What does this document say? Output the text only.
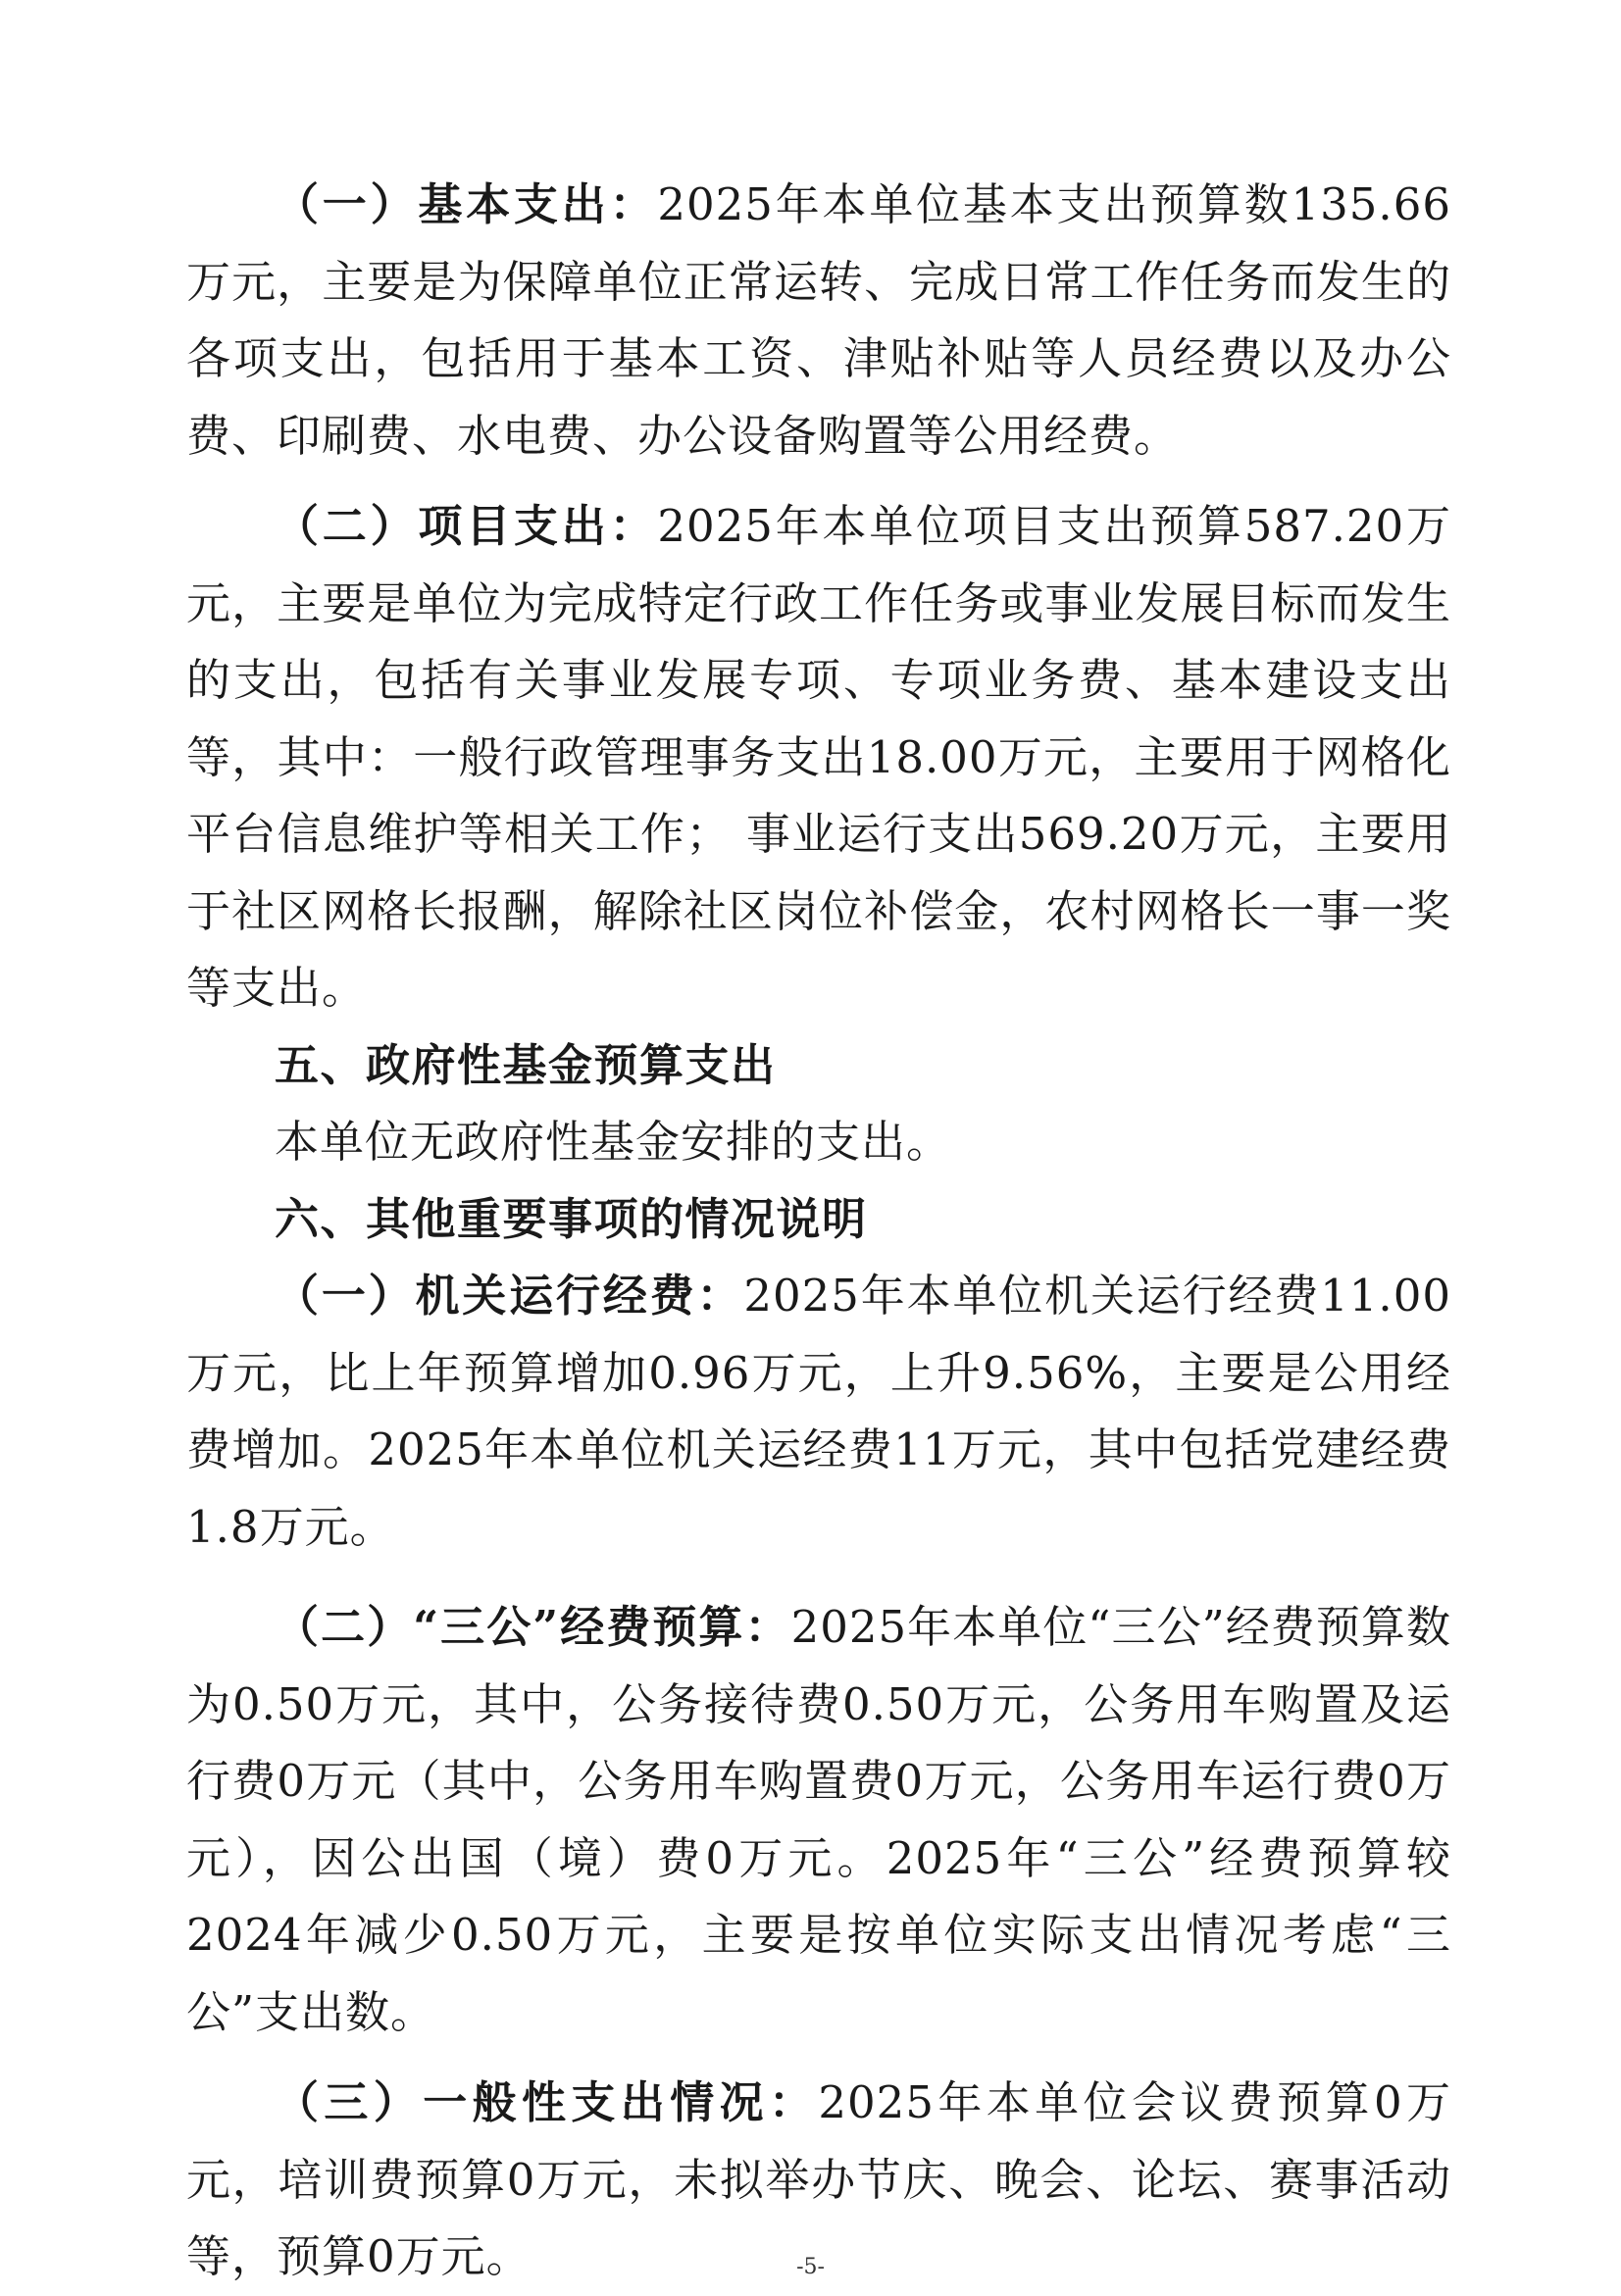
（一）基本支出：2025年本单位基本支出预算数135.66万元，主要是为保障单位正常运转、完成日常工作任务而发生的各项支出，包括用于基本工资、津贴补贴等人员经费以及办公费、印刷费、水电费、办公设备购置等公用经费。

（二）项目支出：2025年本单位项目支出预算587.20万元，主要是单位为完成特定行政工作任务或事业发展目标而发生的支出，包括有关事业发展专项、专项业务费、基本建设支出等，其中：一般行政管理事务支出18.00万元，主要用于网格化平台信息维护等相关工作； 事业运行支出569.20万元，主要用于社区网格长报酬，解除社区岗位补偿金，农村网格长一事一奖等支出。

五、政府性基金预算支出

本单位无政府性基金安排的支出。

六、其他重要事项的情况说明

（一）机关运行经费：2025年本单位机关运行经费11.00万元，比上年预算增加0.96万元，上升9.56%，主要是公用经费增加。2025年本单位机关运经费11万元，其中包括党建经费1.8万元。

（二）“三公”经费预算：2025年本单位“三公”经费预算数为0.50万元，其中，公务接待费0.50万元，公务用车购置及运行费0万元（其中，公务用车购置费0万元，公务用车运行费0万元），因公出国（境）费0万元。2025年“三公”经费预算较2024年减少0.50万元，主要是按单位实际支出情况考虑“三公”支出数。

（三）一般性支出情况：2025年本单位会议费预算0万元，培训费预算0万元，未拟举办节庆、晚会、论坛、赛事活动等，预算0万元。	-5-
